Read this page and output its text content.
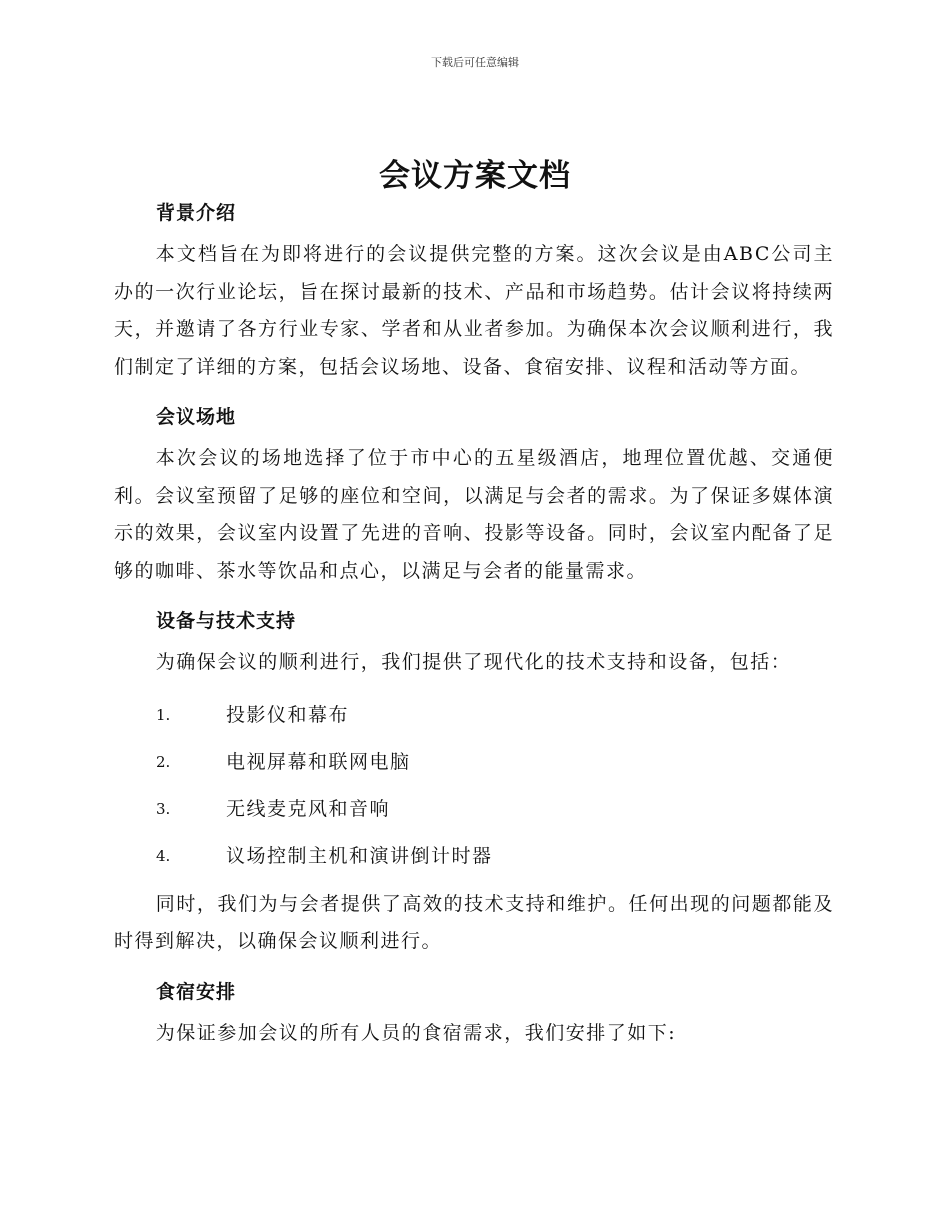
下载后可任意编辑
会议方案文档
背景介绍

本文档旨在为即将进行的会议提供完整的方案。这次会议是由ABC公司主办的一次行业论坛，旨在探讨最新的技术、产品和市场趋势。估计会议将持续两天，并邀请了各方行业专家、学者和从业者参加。为确保本次会议顺利进行，我们制定了详细的方案，包括会议场地、设备、食宿安排、议程和活动等方面。

会议场地

本次会议的场地选择了位于市中心的五星级酒店，地理位置优越、交通便利。会议室预留了足够的座位和空间，以满足与会者的需求。为了保证多媒体演示的效果，会议室内设置了先进的音响、投影等设备。同时，会议室内配备了足够的咖啡、茶水等饮品和点心，以满足与会者的能量需求。

设备与技术支持

为确保会议的顺利进行，我们提供了现代化的技术支持和设备，包括：

1.	投影仪和幕布
2.	电视屏幕和联网电脑
3.	无线麦克风和音响
4.	议场控制主机和演讲倒计时器

同时，我们为与会者提供了高效的技术支持和维护。任何出现的问题都能及时得到解决，以确保会议顺利进行。

食宿安排

为保证参加会议的所有人员的食宿需求，我们安排了如下:
